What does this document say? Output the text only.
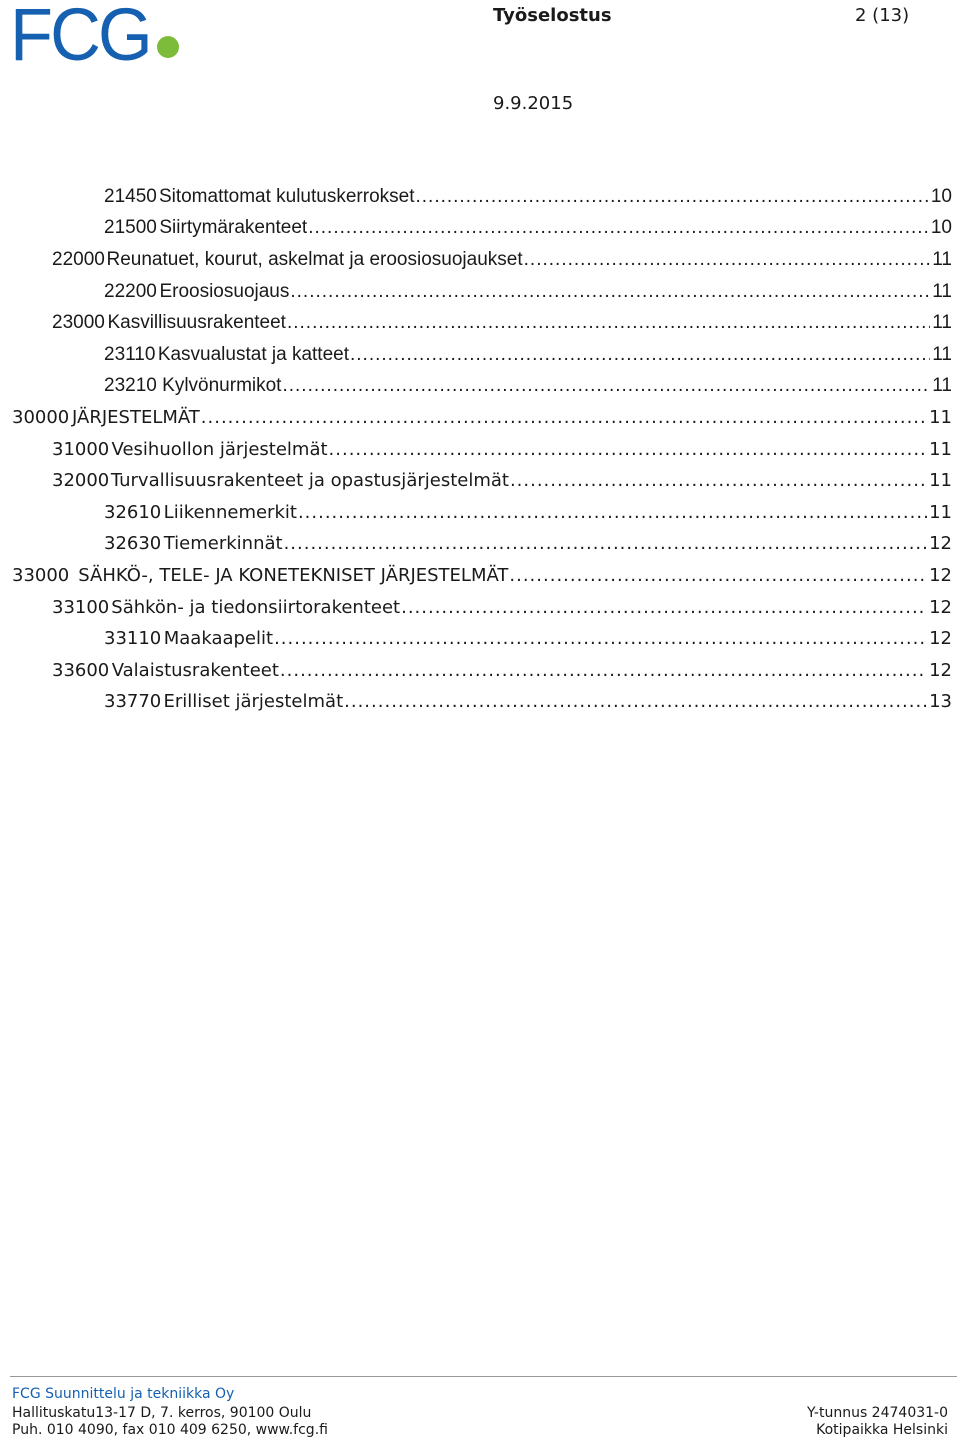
FCG	Työselostus	2 (13)
9.9.2015
21450 Sitomattomat kulutuskerrokset .....	10
21500 Siirtymärakenteet .....	10
22000 Reunatuet, kourut, askelmat ja eroosiosuojaukset .....	11
22200 Eroosiosuojaus .....	11
23000 Kasvillisuusrakenteet .....	11
23110 Kasvualustat ja katteet .....	11
23210 Kylvönurmikot .....	11
30000 JÄRJESTELMÄT .....	11
31000 Vesihuollon järjestelmät .....	11
32000 Turvallisuusrakenteet ja opastusjärjestelmät .....	11
32610 Liikennemerkit .....	11
32630 Tiemerkinnät .....	12
33000 SÄHKÖ-, TELE- JA KONETEKNISET JÄRJESTELMÄT .....	12
33100 Sähkön- ja tiedonsiirtorakenteet .....	12
33110 Maakaapelit .....	12
33600 Valaistusrakenteet .....	12
33770 Erilliset järjestelmät .....	13
FCG Suunnittelu ja tekniikka Oy
Hallituskatu13-17 D, 7. kerros, 90100 Oulu	Y-tunnus 2474031-0
Puh. 010 4090, fax 010 409 6250, www.fcg.fi	Kotipaikka Helsinki
